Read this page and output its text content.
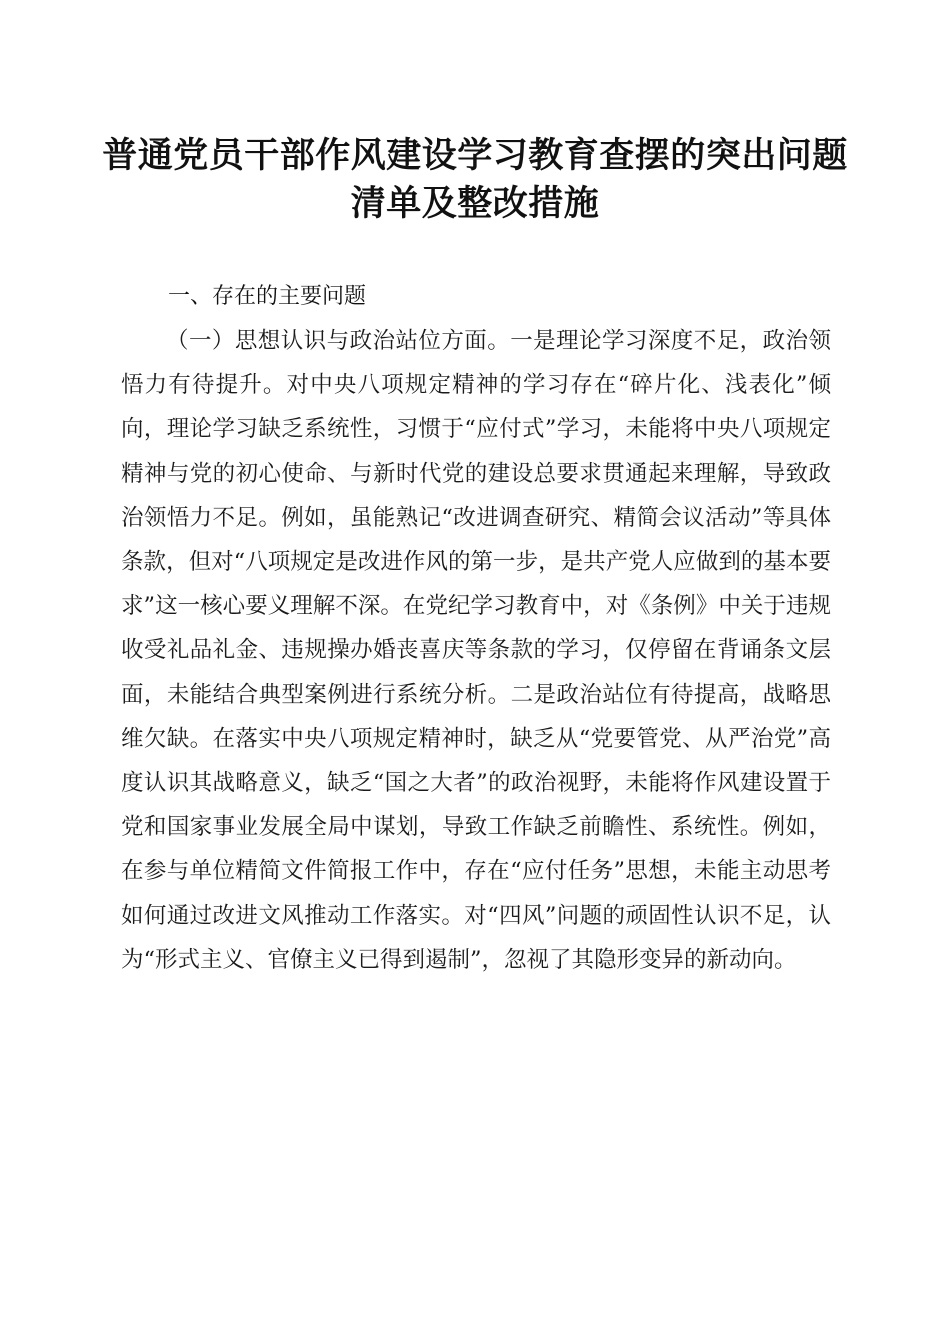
普通党员干部作风建设学习教育查摆的突出问题清单及整改措施
一、存在的主要问题

（一）思想认识与政治站位方面。一是理论学习深度不足，政治领悟力有待提升。对中央八项规定精神的学习存在“碎片化、浅表化”倾向，理论学习缺乏系统性，习惯于“应付式”学习，未能将中央八项规定精神与党的初心使命、与新时代党的建设总要求贯通起来理解，导致政治领悟力不足。例如，虽能熟记“改进调查研究、精简会议活动”等具体条款，但对“八项规定是改进作风的第一步，是共产党人应做到的基本要求”这一核心要义理解不深。在党纪学习教育中，对《条例》中关于违规收受礼品礼金、违规操办婚丧喜庆等条款的学习，仅停留在背诵条文层面，未能结合典型案例进行系统分析。二是政治站位有待提高，战略思维欠缺。在落实中央八项规定精神时，缺乏从“党要管党、从严治党”高度认识其战略意义，缺乏“国之大者”的政治视野，未能将作风建设置于党和国家事业发展全局中谋划，导致工作缺乏前瞻性、系统性。例如，在参与单位精简文件简报工作中，存在“应付任务”思想，未能主动思考如何通过改进文风推动工作落实。对“四风”问题的顽固性认识不足，认为“形式主义、官僚主义已得到遏制”，忽视了其隐形变异的新动向。
